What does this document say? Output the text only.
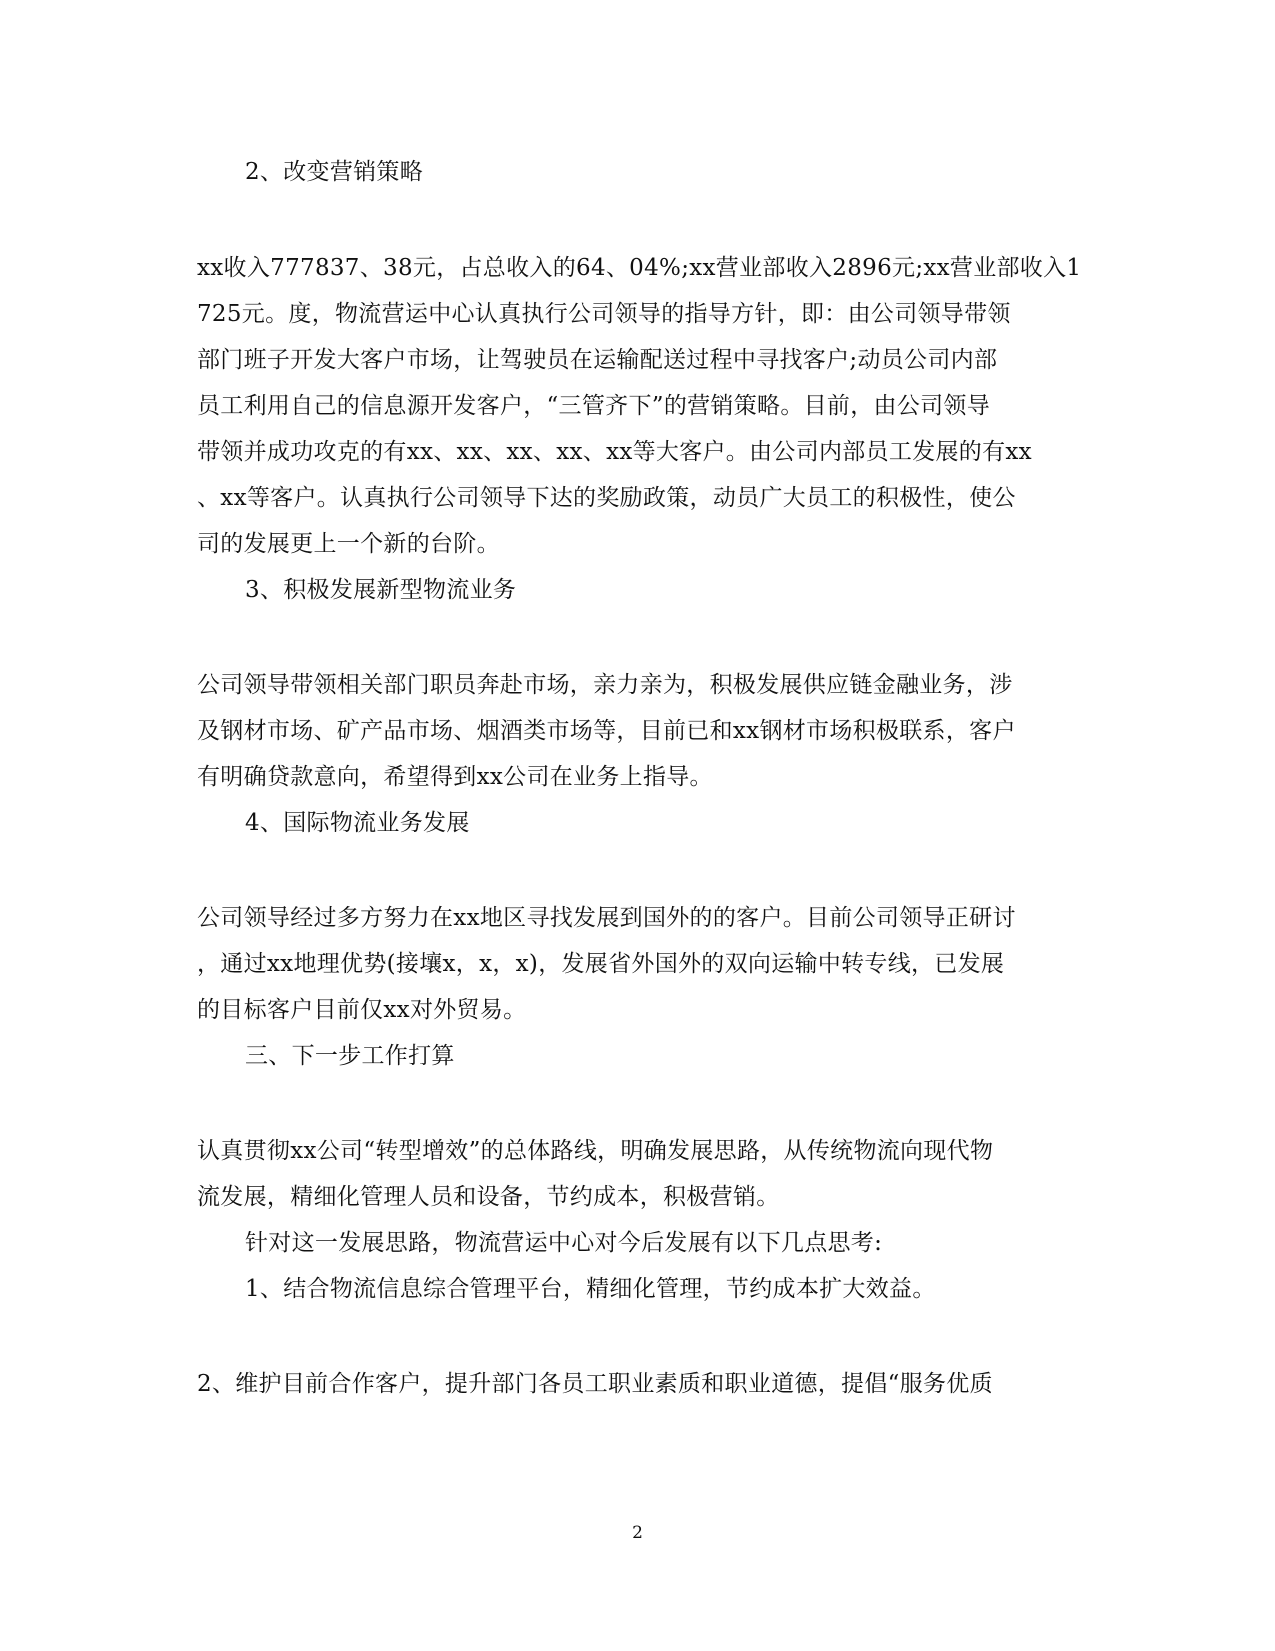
2、改变营销策略
xx收入777837、38元，占总收入的64、04%;xx营业部收入2896元;xx营业部收入1
725元。度，物流营运中心认真执行公司领导的指导方针，即：由公司领导带领
部门班子开发大客户市场，让驾驶员在运输配送过程中寻找客户;动员公司内部
员工利用自己的信息源开发客户，“三管齐下”的营销策略。目前，由公司领导
带领并成功攻克的有xx、xx、xx、xx、xx等大客户。由公司内部员工发展的有xx
、xx等客户。认真执行公司领导下达的奖励政策，动员广大员工的积极性，使公
司的发展更上一个新的台阶。
3、积极发展新型物流业务
公司领导带领相关部门职员奔赴市场，亲力亲为，积极发展供应链金融业务，涉
及钢材市场、矿产品市场、烟酒类市场等，目前已和xx钢材市场积极联系，客户
有明确贷款意向，希望得到xx公司在业务上指导。
4、国际物流业务发展
公司领导经过多方努力在xx地区寻找发展到国外的的客户。目前公司领导正研讨
，通过xx地理优势(接壤x，x，x)，发展省外国外的双向运输中转专线，已发展
的目标客户目前仅xx对外贸易。
三、下一步工作打算
认真贯彻xx公司“转型增效”的总体路线，明确发展思路，从传统物流向现代物
流发展，精细化管理人员和设备，节约成本，积极营销。
针对这一发展思路，物流营运中心对今后发展有以下几点思考:
1、结合物流信息综合管理平台，精细化管理，节约成本扩大效益。
2、维护目前合作客户，提升部门各员工职业素质和职业道德，提倡“服务优质
2
